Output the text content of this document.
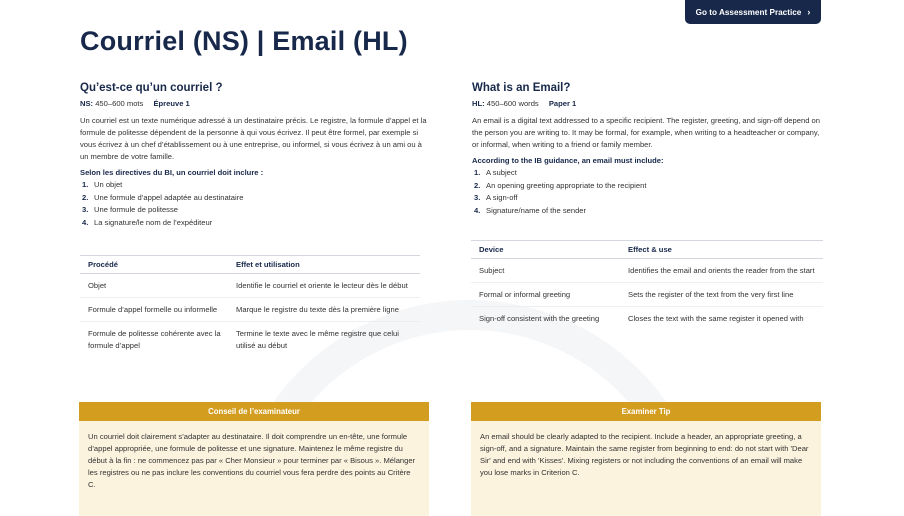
Go to Assessment Practice ›
Courriel (NS) | Email (HL)
Qu’est-ce qu’un courriel ?
NS: 450–600 mots Épreuve 1

Un courriel est un texte numérique adressé à un destinataire précis. Le registre, la formule d’appel et la formule de politesse dépendent de la personne à qui vous écrivez. Il peut être formel, par exemple si vous écrivez à un chef d’établissement ou à une entreprise, ou informel, si vous écrivez à un ami ou à un membre de votre famille.

Selon les directives du BI, un courriel doit inclure :
1. Un objet
2. Une formule d’appel adaptée au destinataire
3. Une formule de politesse
4. La signature/le nom de l’expéditeur
Procédé	Effet et utilisation
Objet	Identifie le courriel et oriente le lecteur dès le début
Formule d’appel formelle ou informelle	Marque le registre du texte dès la première ligne
Formule de politesse cohérente avec la formule d’appel	Termine le texte avec le même registre que celui utilisé au début
Conseil de l’examinateur
Un courriel doit clairement s’adapter au destinataire. Il doit comprendre un en-tête, une formule d’appel appropriée, une formule de politesse et une signature. Maintenez le même registre du début à la fin : ne commencez pas par « Cher Monsieur » pour terminer par « Bisous ». Mélanger les registres ou ne pas inclure les conventions du courriel vous fera perdre des points au Critère C.
What is an Email?
HL: 450–600 words Paper 1

An email is a digital text addressed to a specific recipient. The register, greeting, and sign-off depend on the person you are writing to. It may be formal, for example, when writing to a headteacher or company, or informal, when writing to a friend or family member.

According to the IB guidance, an email must include:
1. A subject
2. An opening greeting appropriate to the recipient
3. A sign-off
4. Signature/name of the sender
Device	Effect & use
Subject	Identifies the email and orients the reader from the start
Formal or informal greeting	Sets the register of the text from the very first line
Sign-off consistent with the greeting	Closes the text with the same register it opened with
Examiner Tip
An email should be clearly adapted to the recipient. Include a header, an appropriate greeting, a sign-off, and a signature. Maintain the same register from beginning to end: do not start with 'Dear Sir' and end with 'Kisses'. Mixing registers or not including the conventions of an email will make you lose marks in Criterion C.
